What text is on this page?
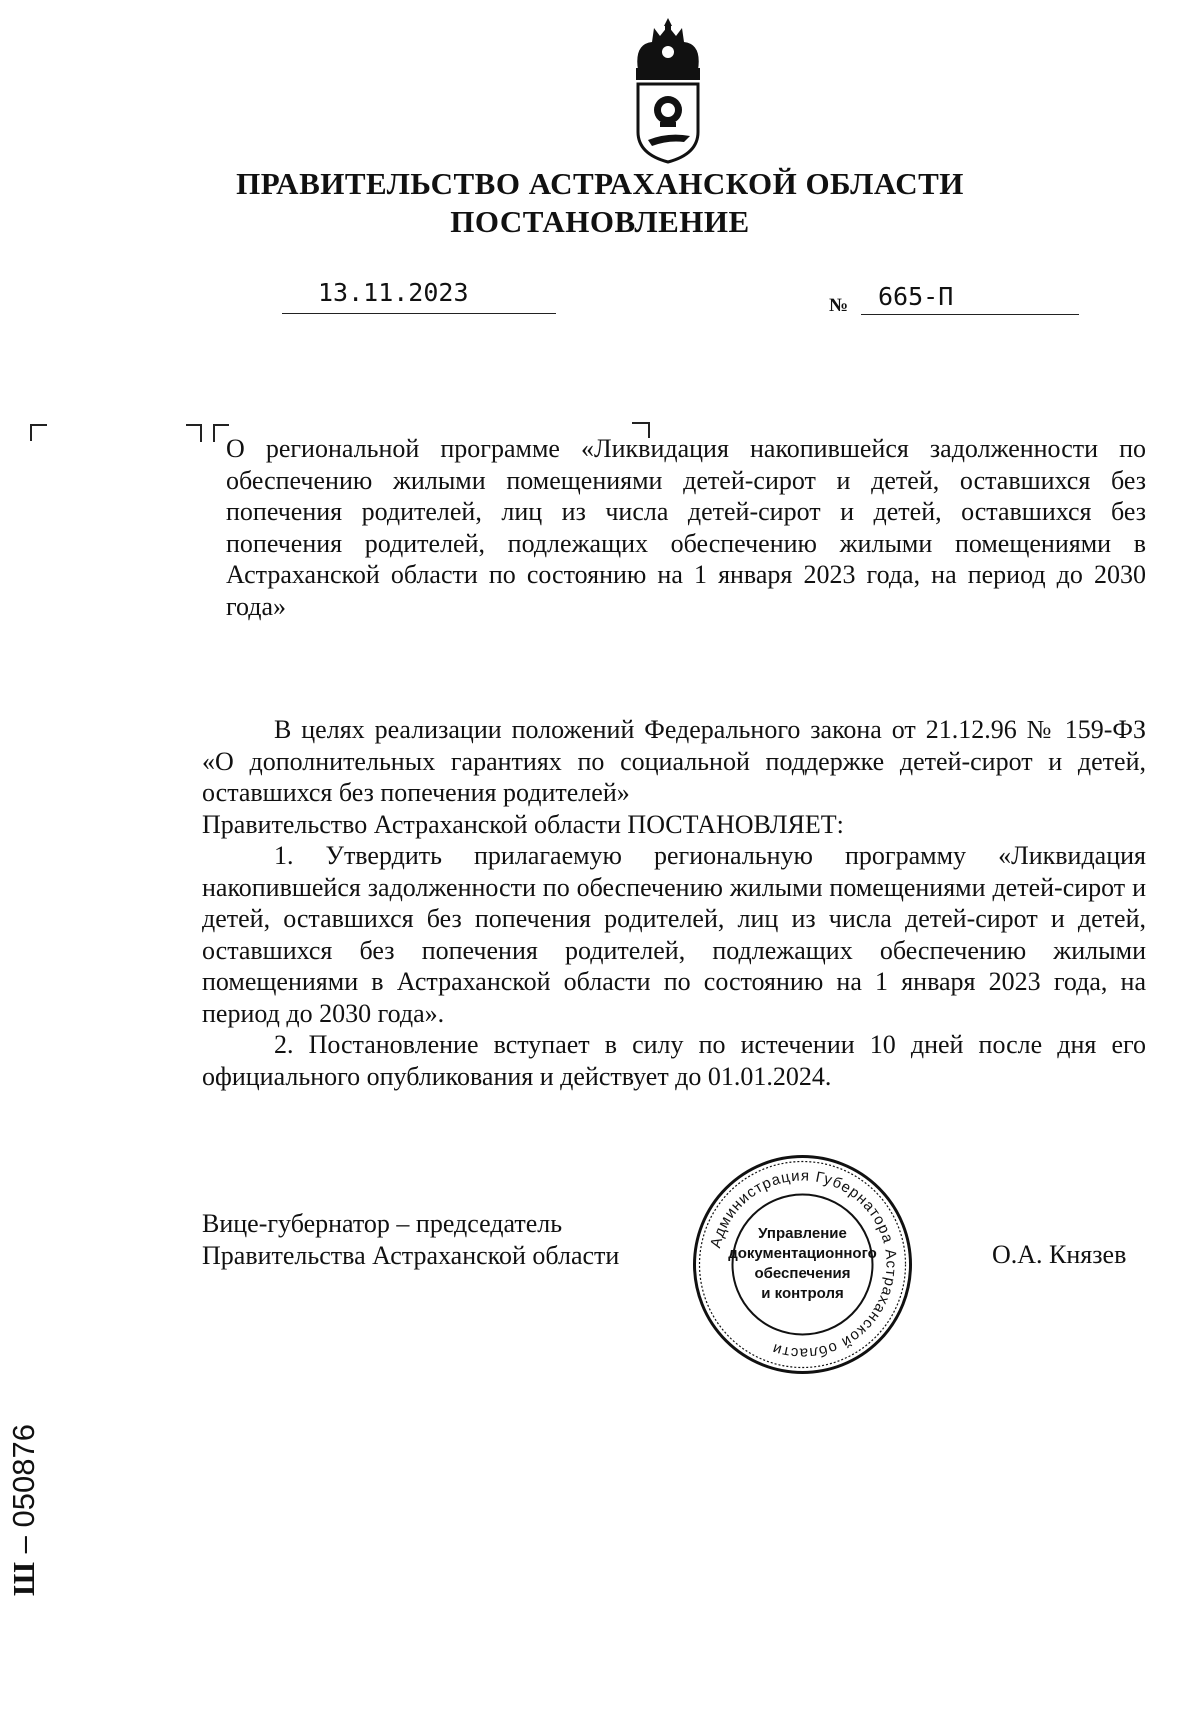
ПРАВИТЕЛЬСТВО АСТРАХАНСКОЙ ОБЛАСТИ
ПОСТАНОВЛЕНИЕ
13.11.2023	№ 665-П
О региональной программе «Ликвидация накопившейся задолженности по обеспечению жилыми помещениями детей-сирот и детей, оставшихся без попечения родителей, лиц из числа детей-сирот и детей, оставшихся без попечения родителей, подлежащих обеспечению жилыми помещениями в Астраханской области по состоянию на 1 января 2023 года, на период до 2030 года»

В целях реализации положений Федерального закона от 21.12.96 № 159-ФЗ «О дополнительных гарантиях по социальной поддержке детей-сирот и детей, оставшихся без попечения родителей»

Правительство Астраханской области ПОСТАНОВЛЯЕТ:

1. Утвердить прилагаемую региональную программу «Ликвидация накопившейся задолженности по обеспечению жилыми помещениями детей-сирот и детей, оставшихся без попечения родителей, лиц из числа детей-сирот и детей, оставшихся без попечения родителей, подлежащих обеспечению жилыми помещениями в Астраханской области по состоянию на 1 января 2023 года, на период до 2030 года».

2. Постановление вступает в силу по истечении 10 дней после дня его официального опубликования и действует до 01.01.2024.

Вице-губернатор – председатель
Правительства Астраханской области	О.А. Князев
Администрация Губернатора Астраханской области
Управление
документационного
обеспечения
и контроля
Ш – 050876
